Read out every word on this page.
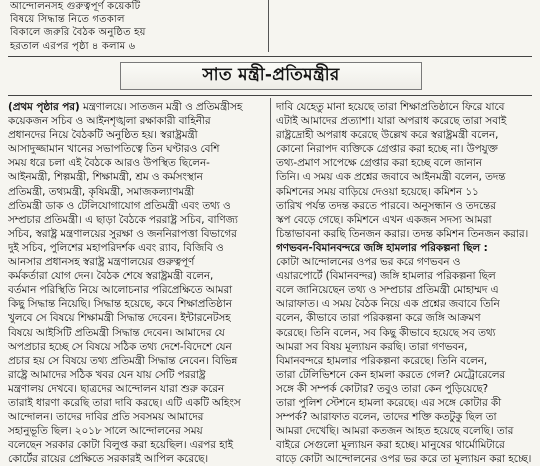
আন্দোলনসহ গুরুত্বপূর্ণ কয়েকটি
বিষয়ে সিদ্ধান্ত নিতে গতকাল
বিকালে জরুরি বৈঠক অনুষ্ঠিত হয়
হরতাল এরপর পৃষ্ঠা ৪ কলাম ৬
সাত মন্ত্রী-প্রতিমন্ত্রীর
(প্রথম পৃষ্ঠার পর) মন্ত্রণালয়ে। সাতজন মন্ত্রী ও প্রতিমন্ত্রীসহ
কয়েকজন সচিব ও আইনশৃঙ্খলা রক্ষাকারী বাহিনীর
প্রধানদের নিয়ে বৈঠকটি অনুষ্ঠিত হয়। স্বরাষ্ট্রমন্ত্রী
আসাদুজ্জামান খানের সভাপতিত্বে তিন ঘণ্টারও বেশি
সময় ধরে চলা এই বৈঠকে আরও উপস্থিত ছিলেন-
আইনমন্ত্রী, শিল্পমন্ত্রী, শিক্ষামন্ত্রী, শ্রম ও কর্মসংস্থান
প্রতিমন্ত্রী, তথ্যমন্ত্রী, কৃষিমন্ত্রী, সমাজকল্যাণমন্ত্রী
প্রতিমন্ত্রী ডাক ও টেলিযোগাযোগ প্রতিমন্ত্রী এবং তথ্য ও
সম্প্রচার প্রতিমন্ত্রী। এ ছাড়া বৈঠকে পররাষ্ট্র সচিব, বাণিজ্য
সচিব, স্বরাষ্ট্র মন্ত্রণালয়ের সুরক্ষা ও জননিরাপত্তা বিভাগের
দুই সচিব, পুলিশের মহাপরিদর্শক এবং র‍্যাব, বিজিবি ও
আনসার প্রধানসহ স্বরাষ্ট্র মন্ত্রণালয়ের গুরুত্বপূর্ণ
কর্মকর্তারা যোগ দেন। বৈঠক শেষে স্বরাষ্ট্রমন্ত্রী বলেন,
বর্তমান পরিস্থিতি নিয়ে আলোচনার পরিপ্রেক্ষিতে আমরা
কিছু সিদ্ধান্ত নিয়েছি। সিদ্ধান্ত হয়েছে, কবে শিক্ষাপ্রতিষ্ঠান
খুলবে সে বিষয়ে শিক্ষামন্ত্রী সিদ্ধান্ত দেবেন। ইন্টারনেটসহ
বিষয়ে আইসিটি প্রতিমন্ত্রী সিদ্ধান্ত দেবেন। আমাদের যে
অপপ্রচার হচ্ছে সে বিষয়ে সঠিক তথ্য দেশে-বিদেশে যেন
প্রচার হয় সে বিষয়ে তথ্য প্রতিমন্ত্রী সিদ্ধান্ত নেবেন। বিভিন্ন
রাষ্ট্রে আমাদের সঠিক খবর যেন যায় সেটি পররাষ্ট্র
মন্ত্রণালয় দেখবে। ছাত্রদের আন্দোলন যারা শুরু করেন
তারাই ধারণা করেছি তারা দাবি করছে। এটি একটি অহিংস
আন্দোলন। তাদের দাবির প্রতি সবসময় আমাদের
সহানুভূতি ছিল। ২০১৮ সালে আন্দোলনের সময়
বলেছেন সরকার কোটা বিলুপ্ত করা হয়েছিল। এরপর হাই
কোর্টের রায়ের প্রেক্ষিতে সরকারই আপিল করেছে।
দাবি যেহেতু মানা হয়েছে তারা শিক্ষাপ্রতিষ্ঠানে ফিরে যাবে
এটাই আমাদের প্রত্যাশা। যারা অপরাধ করেছে তারা সবাই
রাষ্ট্রদ্রোহী অপরাধ করেছে উল্লেখ করে স্বরাষ্ট্রমন্ত্রী বলেন,
কোনো নিরাপদ ব্যক্তিকে গ্রেপ্তার করা হচ্ছে না। উপযুক্ত
তথ্য-প্রমাণ সাপেক্ষে গ্রেপ্তার করা হচ্ছে বলে জানান
তিনি। এ সময় এক প্রশ্নের জবাবে আইনমন্ত্রী বলেন, তদন্ত
কমিশনের সময় বাড়িয়ে দেওয়া হয়েছে। কমিশন ১১
তারিখ পর্যন্ত তদন্ত করতে পারবে। অনুসন্ধান ও তদন্তের
স্কপ বেড়ে গেছে। কমিশনে এখন একজন সদস্য আমরা
চিন্তাভাবনা করছি তিনজন করার। তদন্ত কমিশন তিনজন করার।
গণভবন-বিমানবন্দরে জঙ্গি হামলার পরিকল্পনা ছিল :
কোটা আন্দোলনের ওপর ভর করে গণভবন ও
এয়ারপোর্টে (বিমানবন্দর) জঙ্গি হামলার পরিকল্পনা ছিল
বলে জানিয়েছেন তথ্য ও সম্প্রচার প্রতিমন্ত্রী মোহাম্মদ এ
আরাফাত। এ সময় বৈঠক নিয়ে এক প্রশ্নের জবাবে তিনি
বলেন, কীভাবে তারা পরিকল্পনা করে জঙ্গি আক্রমণ
করেছে। তিনি বলেন, সব কিছু কীভাবে হয়েছে সব তথ্য
আমরা সব বিষয় মূল্যায়ন করছি। তারা গণভবন,
বিমানবন্দরে হামলার পরিকল্পনা করেছে। তিনি বলেন,
তারা টেলিভিশনে কেন হামলা করতে গেল? মেট্রোরেলের
সঙ্গে কী সম্পর্ক কোটার? তবুও তারা কেন পুড়িয়েছে?
তারা পুলিশ স্টেশনে হামলা করেছে। এর সঙ্গে কোটার কী
সম্পর্ক? আরাফাত বলেন, তাদের শক্তি কতটুকু ছিল তা
আমরা দেখেছি। আমরা কতজন আহত হয়েছে বলেছি। তার
বাইরে সেগুলো মূল্যায়ন করা হচ্ছে। মানুষের থার্মোমিটারে
বাড়ে কোটা আন্দোলনের ওপর ভর করে তা মূল্যায়ন করা হচ্ছে।
